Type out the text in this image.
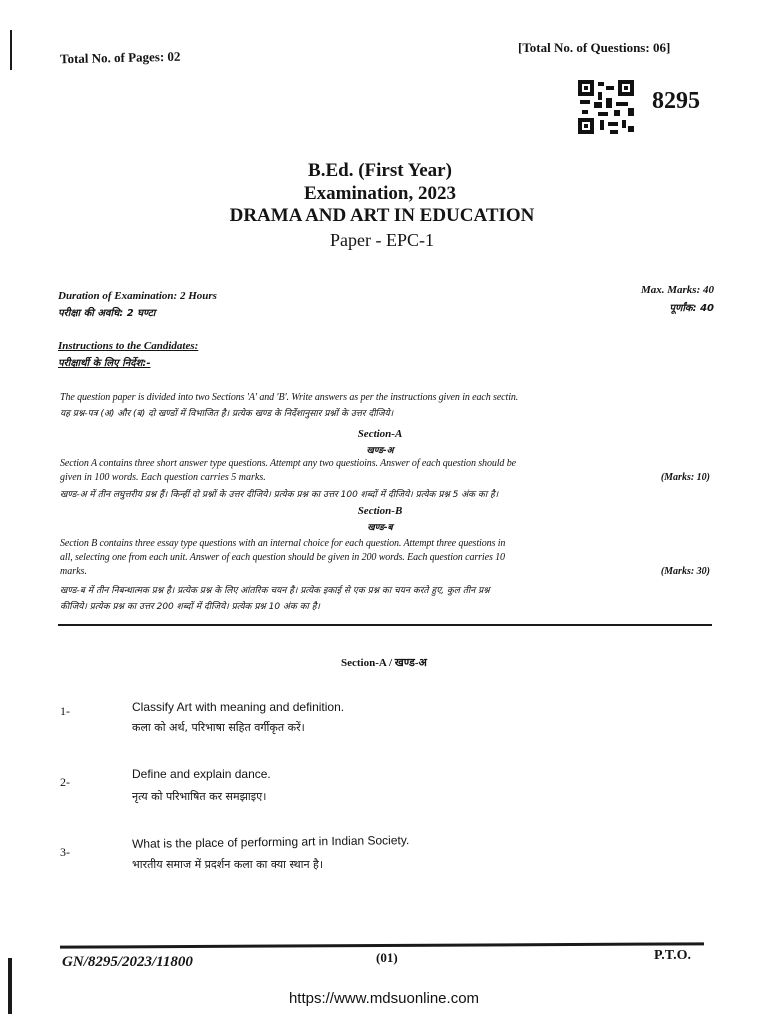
Total No. of Pages: 02
[Total No. of Questions: 06]
8295
B.Ed. (First Year)
Examination, 2023
DRAMA AND ART IN EDUCATION
Paper - EPC-1
Duration of Examination: 2 Hours
परीक्षा की अवधि: 2 घण्टा
Max. Marks: 40
पूर्णांक: 40
Instructions to the Candidates:
परीक्षार्थी के लिए निर्देश:-
The question paper is divided into two Sections 'A' and 'B'. Write answers as per the instructions given in each sectin.
यह प्रश्न-पत्र (अ) और (ब) दो खण्डों में विभाजित है। प्रत्येक खण्ड के निर्देशानुसार प्रश्नों के उत्तर दीजिये।
Section-A
खण्ड-अ
Section A contains three short answer type questions. Attempt any two questioins. Answer of each question should be
given in 100 words. Each question carries 5 marks.	(Marks: 10)
खण्ड-अ में तीन लघुत्तरीय प्रश्न हैं। किन्हीं दो प्रश्नों के उत्तर दीजिये। प्रत्येक प्रश्न का उत्तर 100 शब्दों में दीजिये। प्रत्येक प्रश्न 5 अंक का है।
Section-B
खण्ड-ब
Section B contains three essay type questions with an internal choice for each question. Attempt three questions in
all, selecting one from each unit. Answer of each question should be given in 200 words. Each question carries 10
marks.	(Marks: 30)
खण्ड-ब में तीन निबन्धात्मक प्रश्न है। प्रत्येक प्रश्न के लिए आंतरिक चयन है। प्रत्येक इकाई से एक प्रश्न का चयन करते हुए, कुल तीन प्रश्न
कीजिये। प्रत्येक प्रश्न का उत्तर 200 शब्दों में दीजिये। प्रत्येक प्रश्न 10 अंक का है।
Section-A / खण्ड-अ
1-	Classify Art with meaning and definition.
कला को अर्थ, परिभाषा सहित वर्गीकृत करें।
2-
Define and explain dance.
नृत्य को परिभाषित कर समझाइए।
3-
What is the place of performing art in Indian Society.
भारतीय समाज में प्रदर्शन कला का क्या स्थान है।
GN/8295/2023/11800	(01)	P.T.O.
https://www.mdsuonline.com
